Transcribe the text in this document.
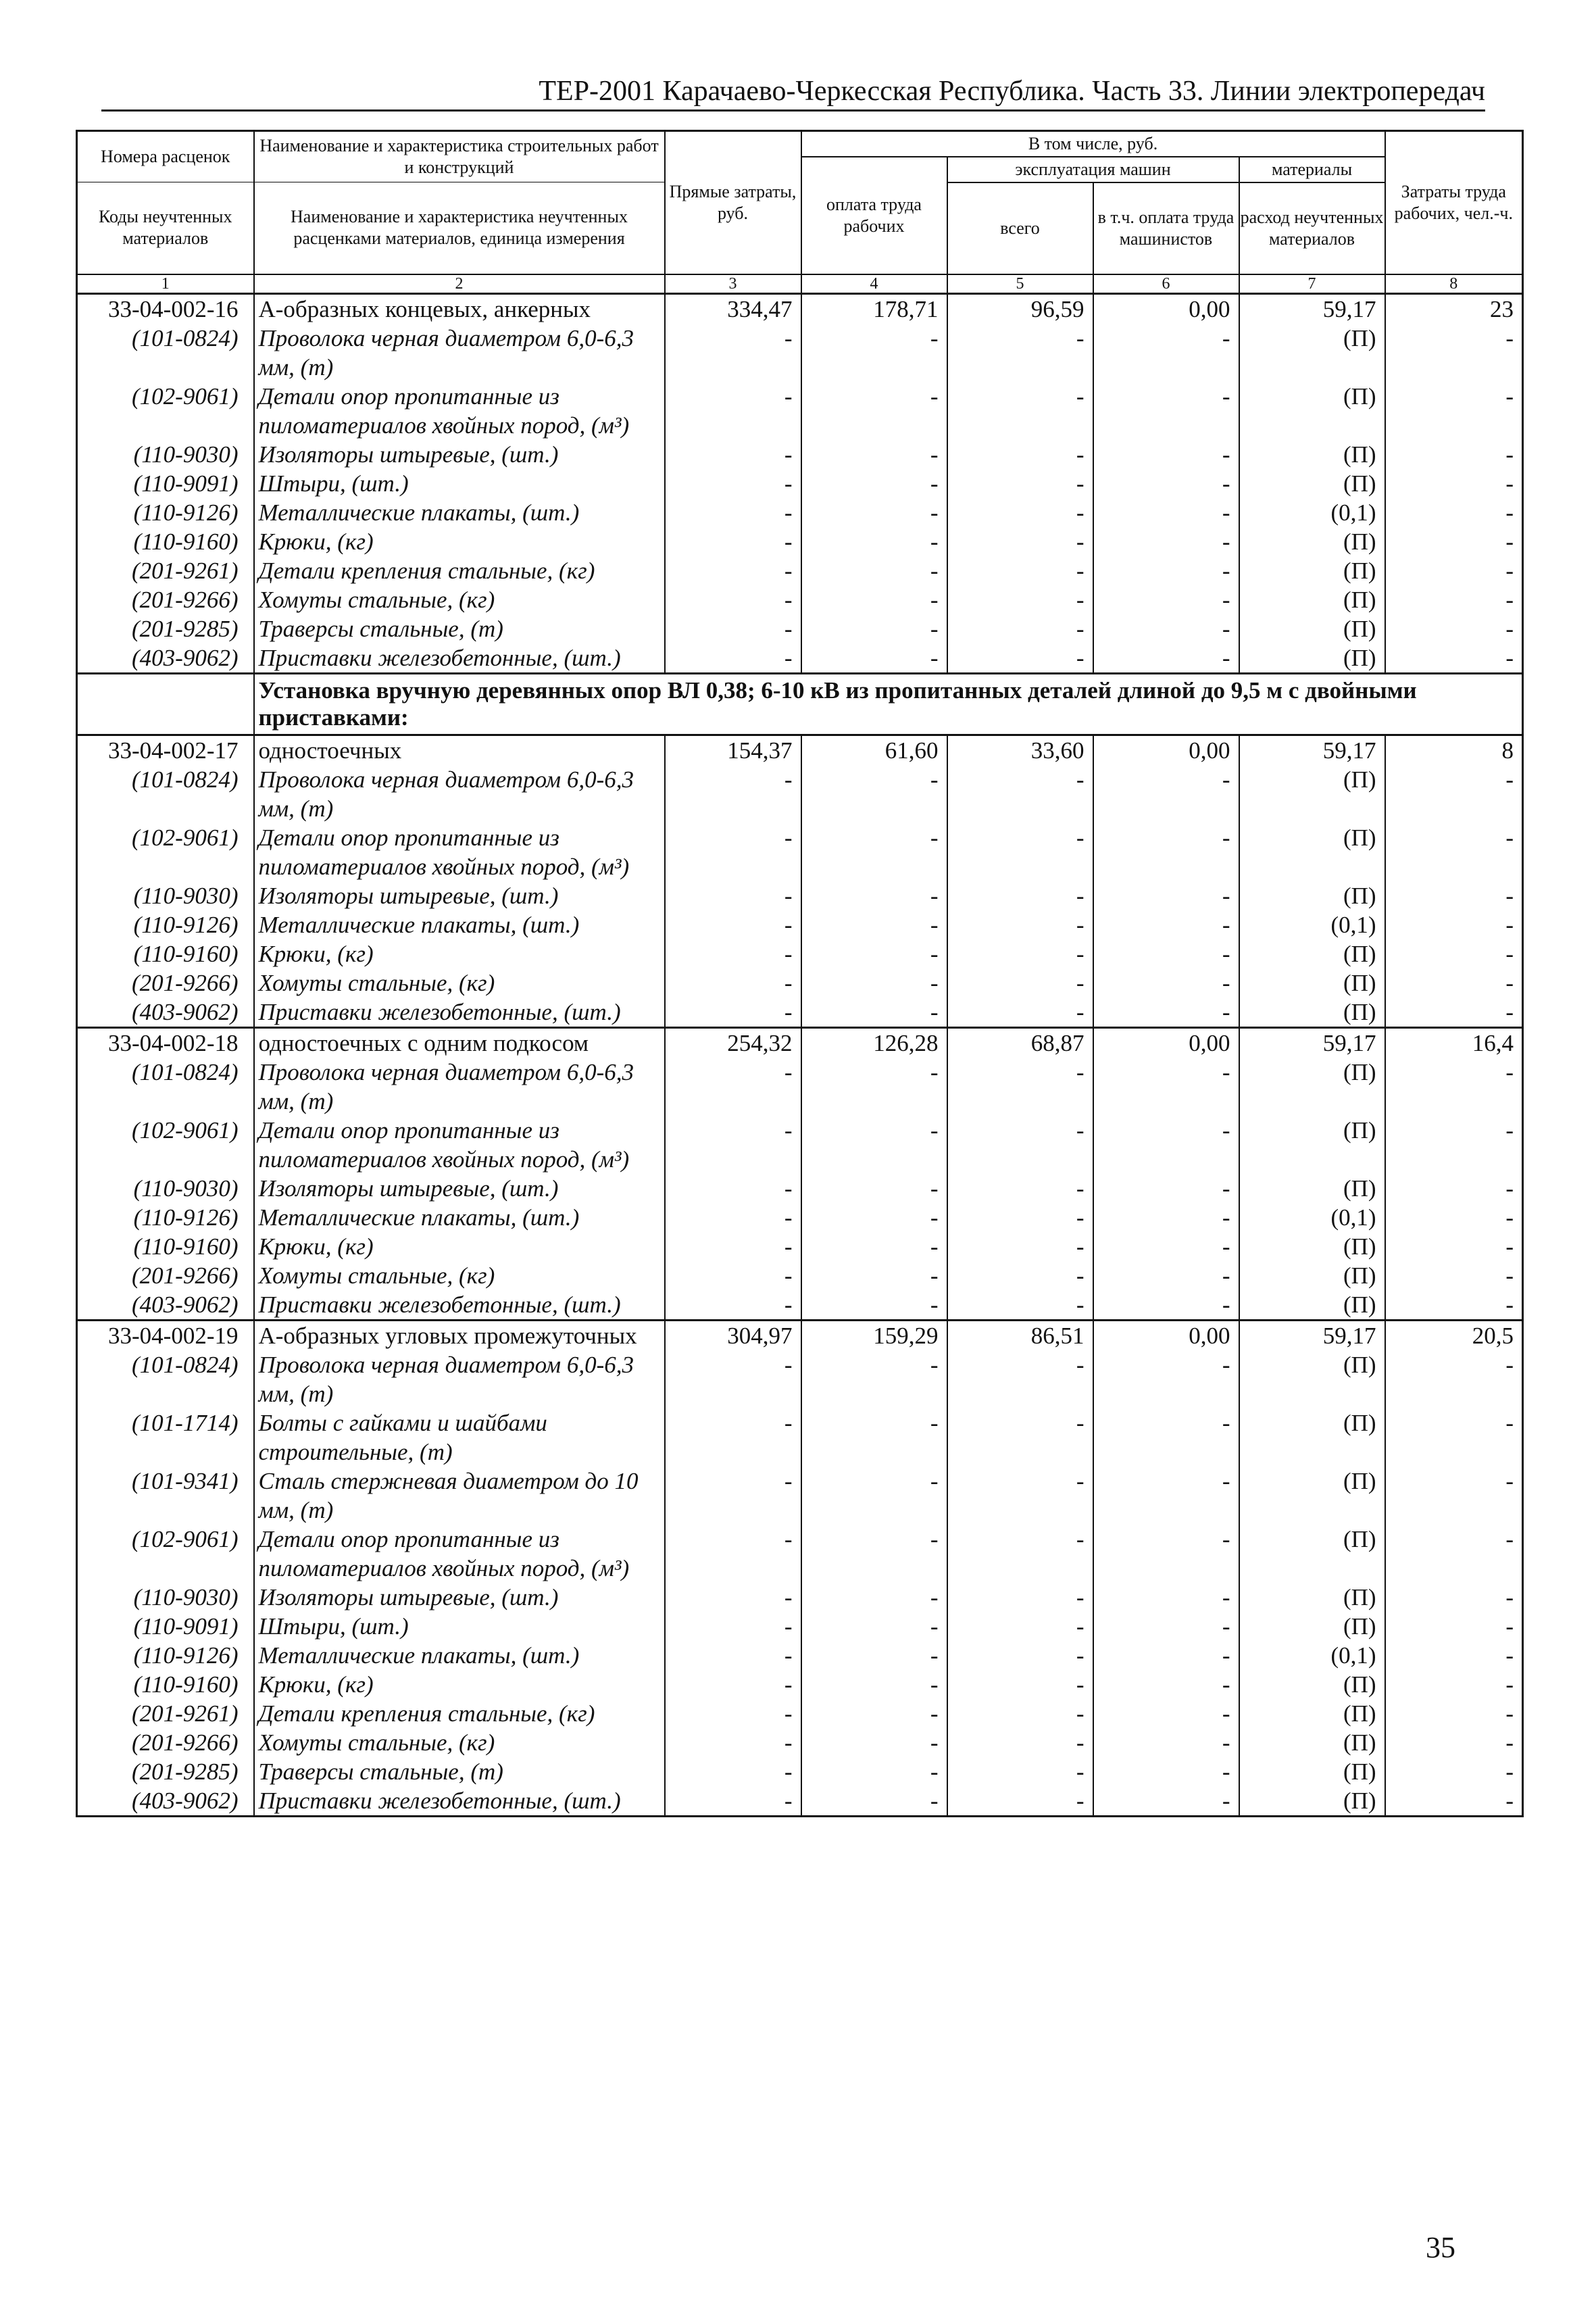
ТЕР-2001 Карачаево-Черкесская Республика. Часть 33. Линии электропередач
Номера расценок	Наименование и характеристика строительных работ и конструкций	Прямые затраты, руб.	В том числе, руб.				Затраты труда рабочих, чел.-ч.
			оплата труда рабочих	эксплуатация машин		материалы	
Коды неучтенных материалов	Наименование и характеристика неучтенных расценками материалов, единица измерения			всего	в т.ч. оплата труда машинистов	расход неучтенных материалов	

1	2	3	4	5	6	7	8
33-04-002-16	А-образных концевых, анкерных	334,47	178,71	96,59	0,00	59,17	23
(101-0824)	Проволока черная диаметром 6,0-6,3 мм, (т)	-	-	-	-	(П)	-
(102-9061)	Детали опор пропитанные из пиломатериалов хвойных пород, (м³)	-	-	-	-	(П)	-
(110-9030)	Изоляторы штыревые, (шт.)	-	-	-	-	(П)	-
(110-9091)	Штыри, (шт.)	-	-	-	-	(П)	-
(110-9126)	Металлические плакаты, (шт.)	-	-	-	-	(0,1)	-
(110-9160)	Крюки, (кг)	-	-	-	-	(П)	-
(201-9261)	Детали крепления стальные, (кг)	-	-	-	-	(П)	-
(201-9266)	Хомуты стальные, (кг)	-	-	-	-	(П)	-
(201-9285)	Траверсы стальные, (т)	-	-	-	-	(П)	-
(403-9062)	Приставки железобетонные, (шт.)	-	-	-	-	(П)	-
	Установка вручную деревянных опор ВЛ 0,38; 6-10 кВ из пропитанных деталей длиной до 9,5 м с двойными приставками:						
33-04-002-17	одностоечных	154,37	61,60	33,60	0,00	59,17	8
(101-0824)	Проволока черная диаметром 6,0-6,3 мм, (т)	-	-	-	-	(П)	-
(102-9061)	Детали опор пропитанные из пиломатериалов хвойных пород, (м³)	-	-	-	-	(П)	-
(110-9030)	Изоляторы штыревые, (шт.)	-	-	-	-	(П)	-
(110-9126)	Металлические плакаты, (шт.)	-	-	-	-	(0,1)	-
(110-9160)	Крюки, (кг)	-	-	-	-	(П)	-
(201-9266)	Хомуты стальные, (кг)	-	-	-	-	(П)	-
(403-9062)	Приставки железобетонные, (шт.)	-	-	-	-	(П)	-
33-04-002-18	одностоечных с одним подкосом	254,32	126,28	68,87	0,00	59,17	16,4
(101-0824)	Проволока черная диаметром 6,0-6,3 мм, (т)	-	-	-	-	(П)	-
(102-9061)	Детали опор пропитанные из пиломатериалов хвойных пород, (м³)	-	-	-	-	(П)	-
(110-9030)	Изоляторы штыревые, (шт.)	-	-	-	-	(П)	-
(110-9126)	Металлические плакаты, (шт.)	-	-	-	-	(0,1)	-
(110-9160)	Крюки, (кг)	-	-	-	-	(П)	-
(201-9266)	Хомуты стальные, (кг)	-	-	-	-	(П)	-
(403-9062)	Приставки железобетонные, (шт.)	-	-	-	-	(П)	-
33-04-002-19	А-образных угловых промежуточных	304,97	159,29	86,51	0,00	59,17	20,5
(101-0824)	Проволока черная диаметром 6,0-6,3 мм, (т)	-	-	-	-	(П)	-
(101-1714)	Болты с гайками и шайбами строительные, (т)	-	-	-	-	(П)	-
(101-9341)	Сталь стержневая диаметром до 10 мм, (т)	-	-	-	-	(П)	-
(102-9061)	Детали опор пропитанные из пиломатериалов хвойных пород, (м³)	-	-	-	-	(П)	-
(110-9030)	Изоляторы штыревые, (шт.)	-	-	-	-	(П)	-
(110-9091)	Штыри, (шт.)	-	-	-	-	(П)	-
(110-9126)	Металлические плакаты, (шт.)	-	-	-	-	(0,1)	-
(110-9160)	Крюки, (кг)	-	-	-	-	(П)	-
(201-9261)	Детали крепления стальные, (кг)	-	-	-	-	(П)	-
(201-9266)	Хомуты стальные, (кг)	-	-	-	-	(П)	-
(201-9285)	Траверсы стальные, (т)	-	-	-	-	(П)	-
(403-9062)	Приставки железобетонные, (шт.)	-	-	-	-	(П)	-
35
